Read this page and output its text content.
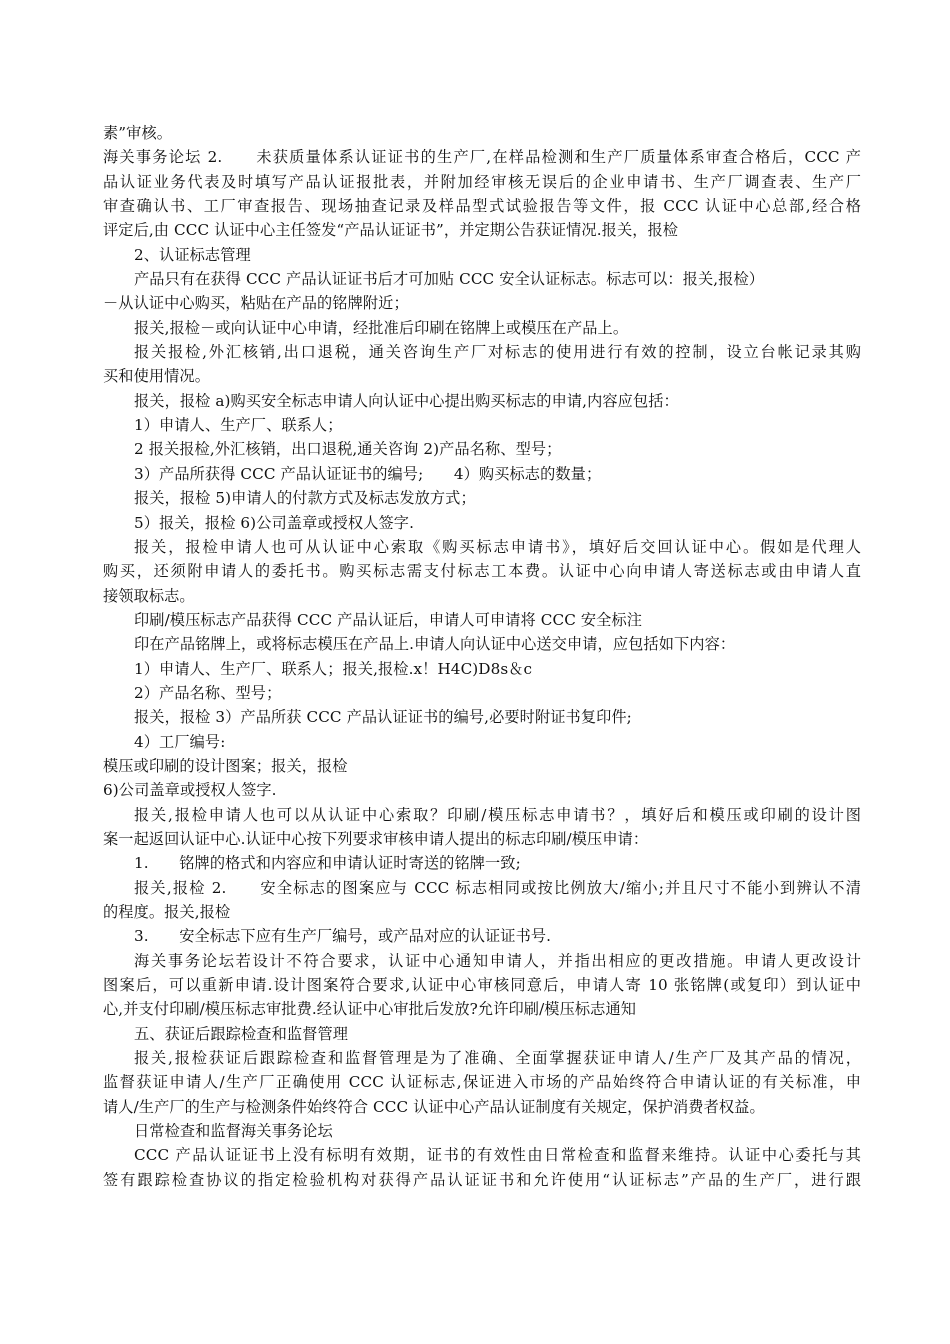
素”审核。
海关事务论坛 2.　　未获质量体系认证证书的生产厂,在样品检测和生产厂质量体系审查合格后，CCC 产
品认证业务代表及时填写产品认证报批表，并附加经审核无误后的企业申请书、生产厂调查表、生产厂
审查确认书、工厂审查报告、现场抽查记录及样品型式试验报告等文件，报 CCC 认证中心总部,经合格
评定后,由 CCC 认证中心主任签发“产品认证证书”，并定期公告获证情况.报关，报检
2、认证标志管理
产品只有在获得 CCC 产品认证证书后才可加贴 CCC 安全认证标志。标志可以：报关,报检）
－从认证中心购买，粘贴在产品的铭牌附近；
报关,报检－或向认证中心申请，经批准后印刷在铭牌上或模压在产品上。
报关报检,外汇核销,出口退税，通关咨询生产厂对标志的使用进行有效的控制，设立台帐记录其购
买和使用情况。
报关，报检 a)购买安全标志申请人向认证中心提出购买标志的申请,内容应包括：
1）申请人、生产厂、联系人；
2 报关报检,外汇核销，出口退税,通关咨询 2)产品名称、型号；
3）产品所获得 CCC 产品认证证书的编号;　　4）购买标志的数量；
报关，报检 5)申请人的付款方式及标志发放方式；
5）报关，报检 6)公司盖章或授权人签字.
报关，报检申请人也可从认证中心索取《购买标志申请书》，填好后交回认证中心。假如是代理人
购买，还须附申请人的委托书。购买标志需支付标志工本费。认证中心向申请人寄送标志或由申请人直
接领取标志。
印刷/模压标志产品获得 CCC 产品认证后，申请人可申请将 CCC 安全标注
印在产品铭牌上，或将标志模压在产品上.申请人向认证中心送交申请，应包括如下内容：
1）申请人、生产厂、联系人；报关,报检.x！H4C)D8s＆c
2）产品名称、型号；
报关，报检 3）产品所获 CCC 产品认证证书的编号,必要时附证书复印件;
4）工厂编号:
模压或印刷的设计图案；报关，报检
6)公司盖章或授权人签字.
报关,报检申请人也可以从认证中心索取？印刷/模压标志申请书？，填好后和模压或印刷的设计图
案一起返回认证中心.认证中心按下列要求审核申请人提出的标志印刷/模压申请：
1.　　铭牌的格式和内容应和申请认证时寄送的铭牌一致;
报关,报检 2.　　安全标志的图案应与 CCC 标志相同或按比例放大/缩小;并且尺寸不能小到辨认不清
的程度。报关,报检
3.　　安全标志下应有生产厂编号，或产品对应的认证证书号.
海关事务论坛若设计不符合要求，认证中心通知申请人，并指出相应的更改措施。申请人更改设计
图案后，可以重新申请.设计图案符合要求,认证中心审核同意后，申请人寄 10 张铭牌(或复印）到认证中
心,并支付印刷/模压标志审批费.经认证中心审批后发放?允许印刷/模压标志通知
五、获证后跟踪检查和监督管理
报关,报检获证后跟踪检查和监督管理是为了准确、全面掌握获证申请人/生产厂及其产品的情况，
监督获证申请人/生产厂正确使用 CCC 认证标志,保证进入市场的产品始终符合申请认证的有关标准，申
请人/生产厂的生产与检测条件始终符合 CCC 认证中心产品认证制度有关规定，保护消费者权益。
日常检查和监督海关事务论坛
CCC 产品认证证书上没有标明有效期，证书的有效性由日常检查和监督来维持。认证中心委托与其
签有跟踪检查协议的指定检验机构对获得产品认证证书和允许使用“认证标志”产品的生产厂，进行跟
